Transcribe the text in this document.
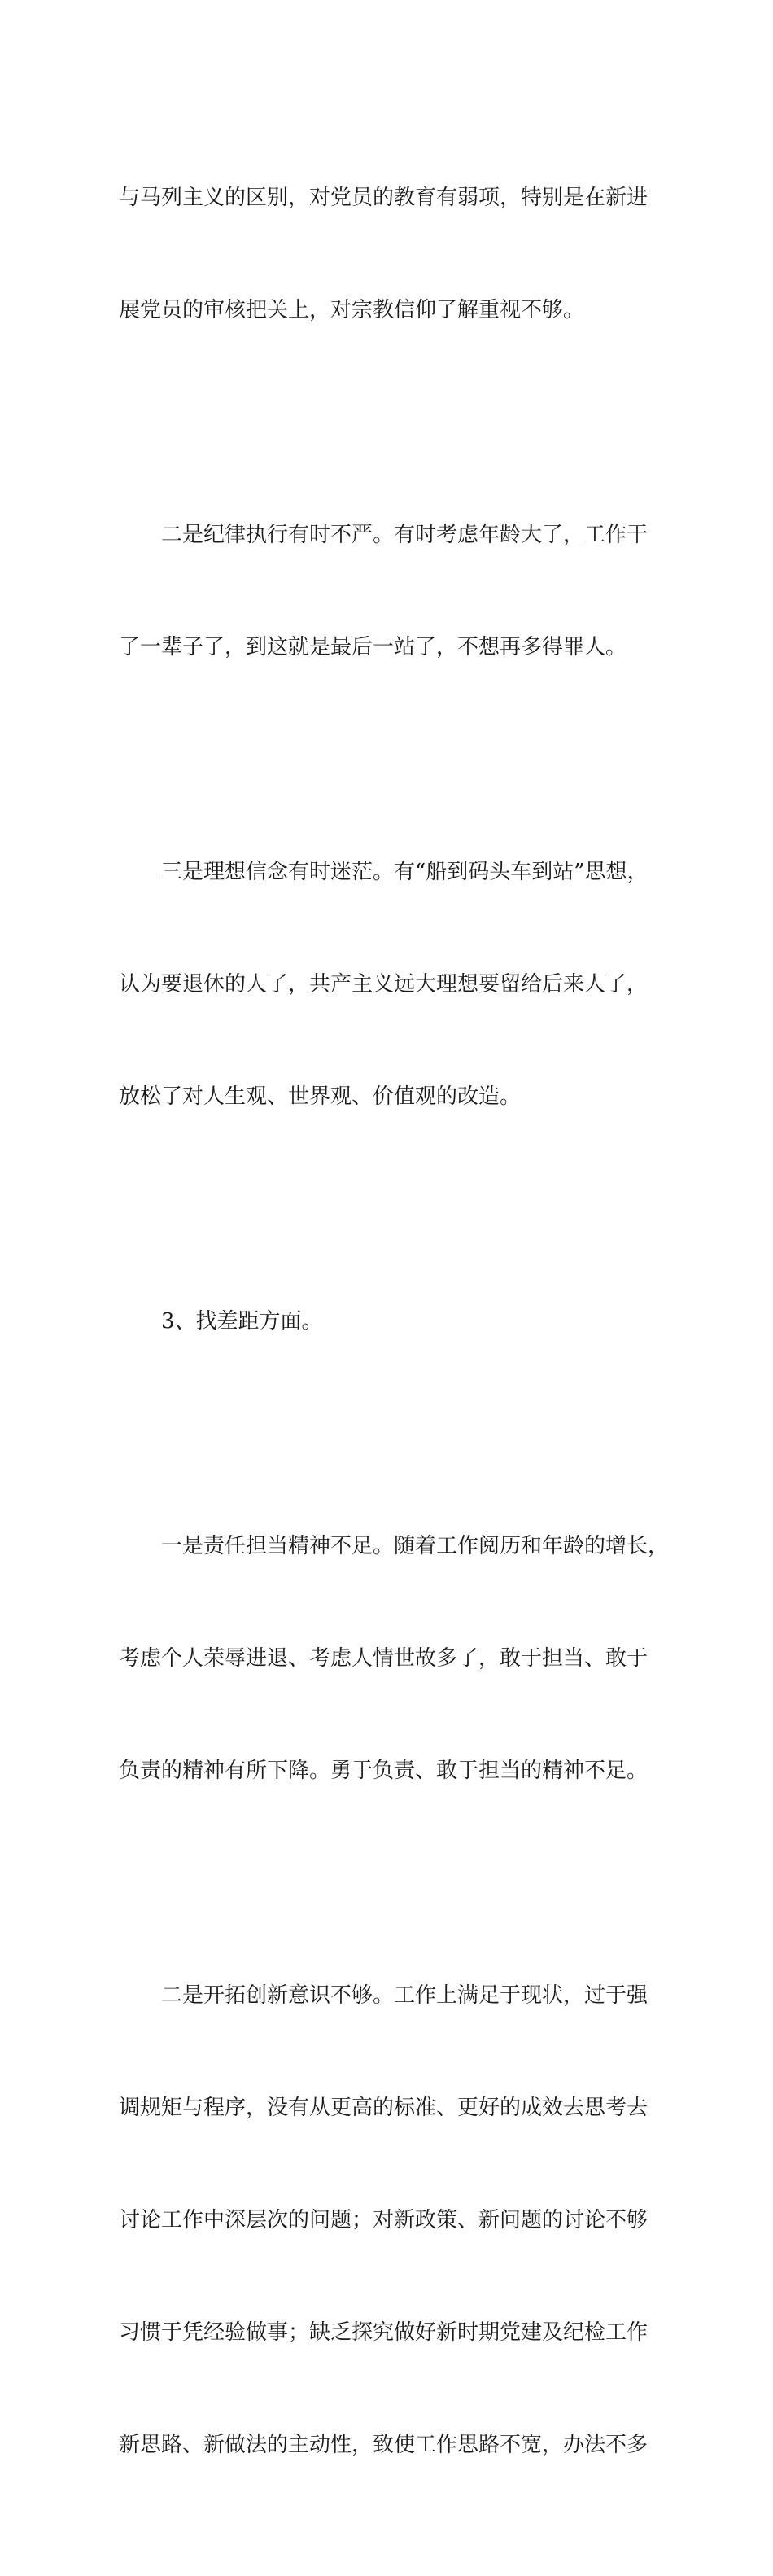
与马列主义的区别，对党员的教育有弱项，特别是在新进

展党员的审核把关上，对宗教信仰了解重视不够。

二是纪律执行有时不严。有时考虑年龄大了，工作干

了一辈子了，到这就是最后一站了，不想再多得罪人。

三是理想信念有时迷茫。有“船到码头车到站”思想，

认为要退休的人了，共产主义远大理想要留给后来人了，

放松了对人生观、世界观、价值观的改造。

3、找差距方面。

一是责任担当精神不足。随着工作阅历和年龄的增长，

考虑个人荣辱进退、考虑人情世故多了，敢于担当、敢于

负责的精神有所下降。勇于负责、敢于担当的精神不足。

二是开拓创新意识不够。工作上满足于现状，过于强

调规矩与程序，没有从更高的标准、更好的成效去思考去

讨论工作中深层次的问题；对新政策、新问题的讨论不够

习惯于凭经验做事；缺乏探究做好新时期党建及纪检工作

新思路、新做法的主动性，致使工作思路不宽，办法不多
